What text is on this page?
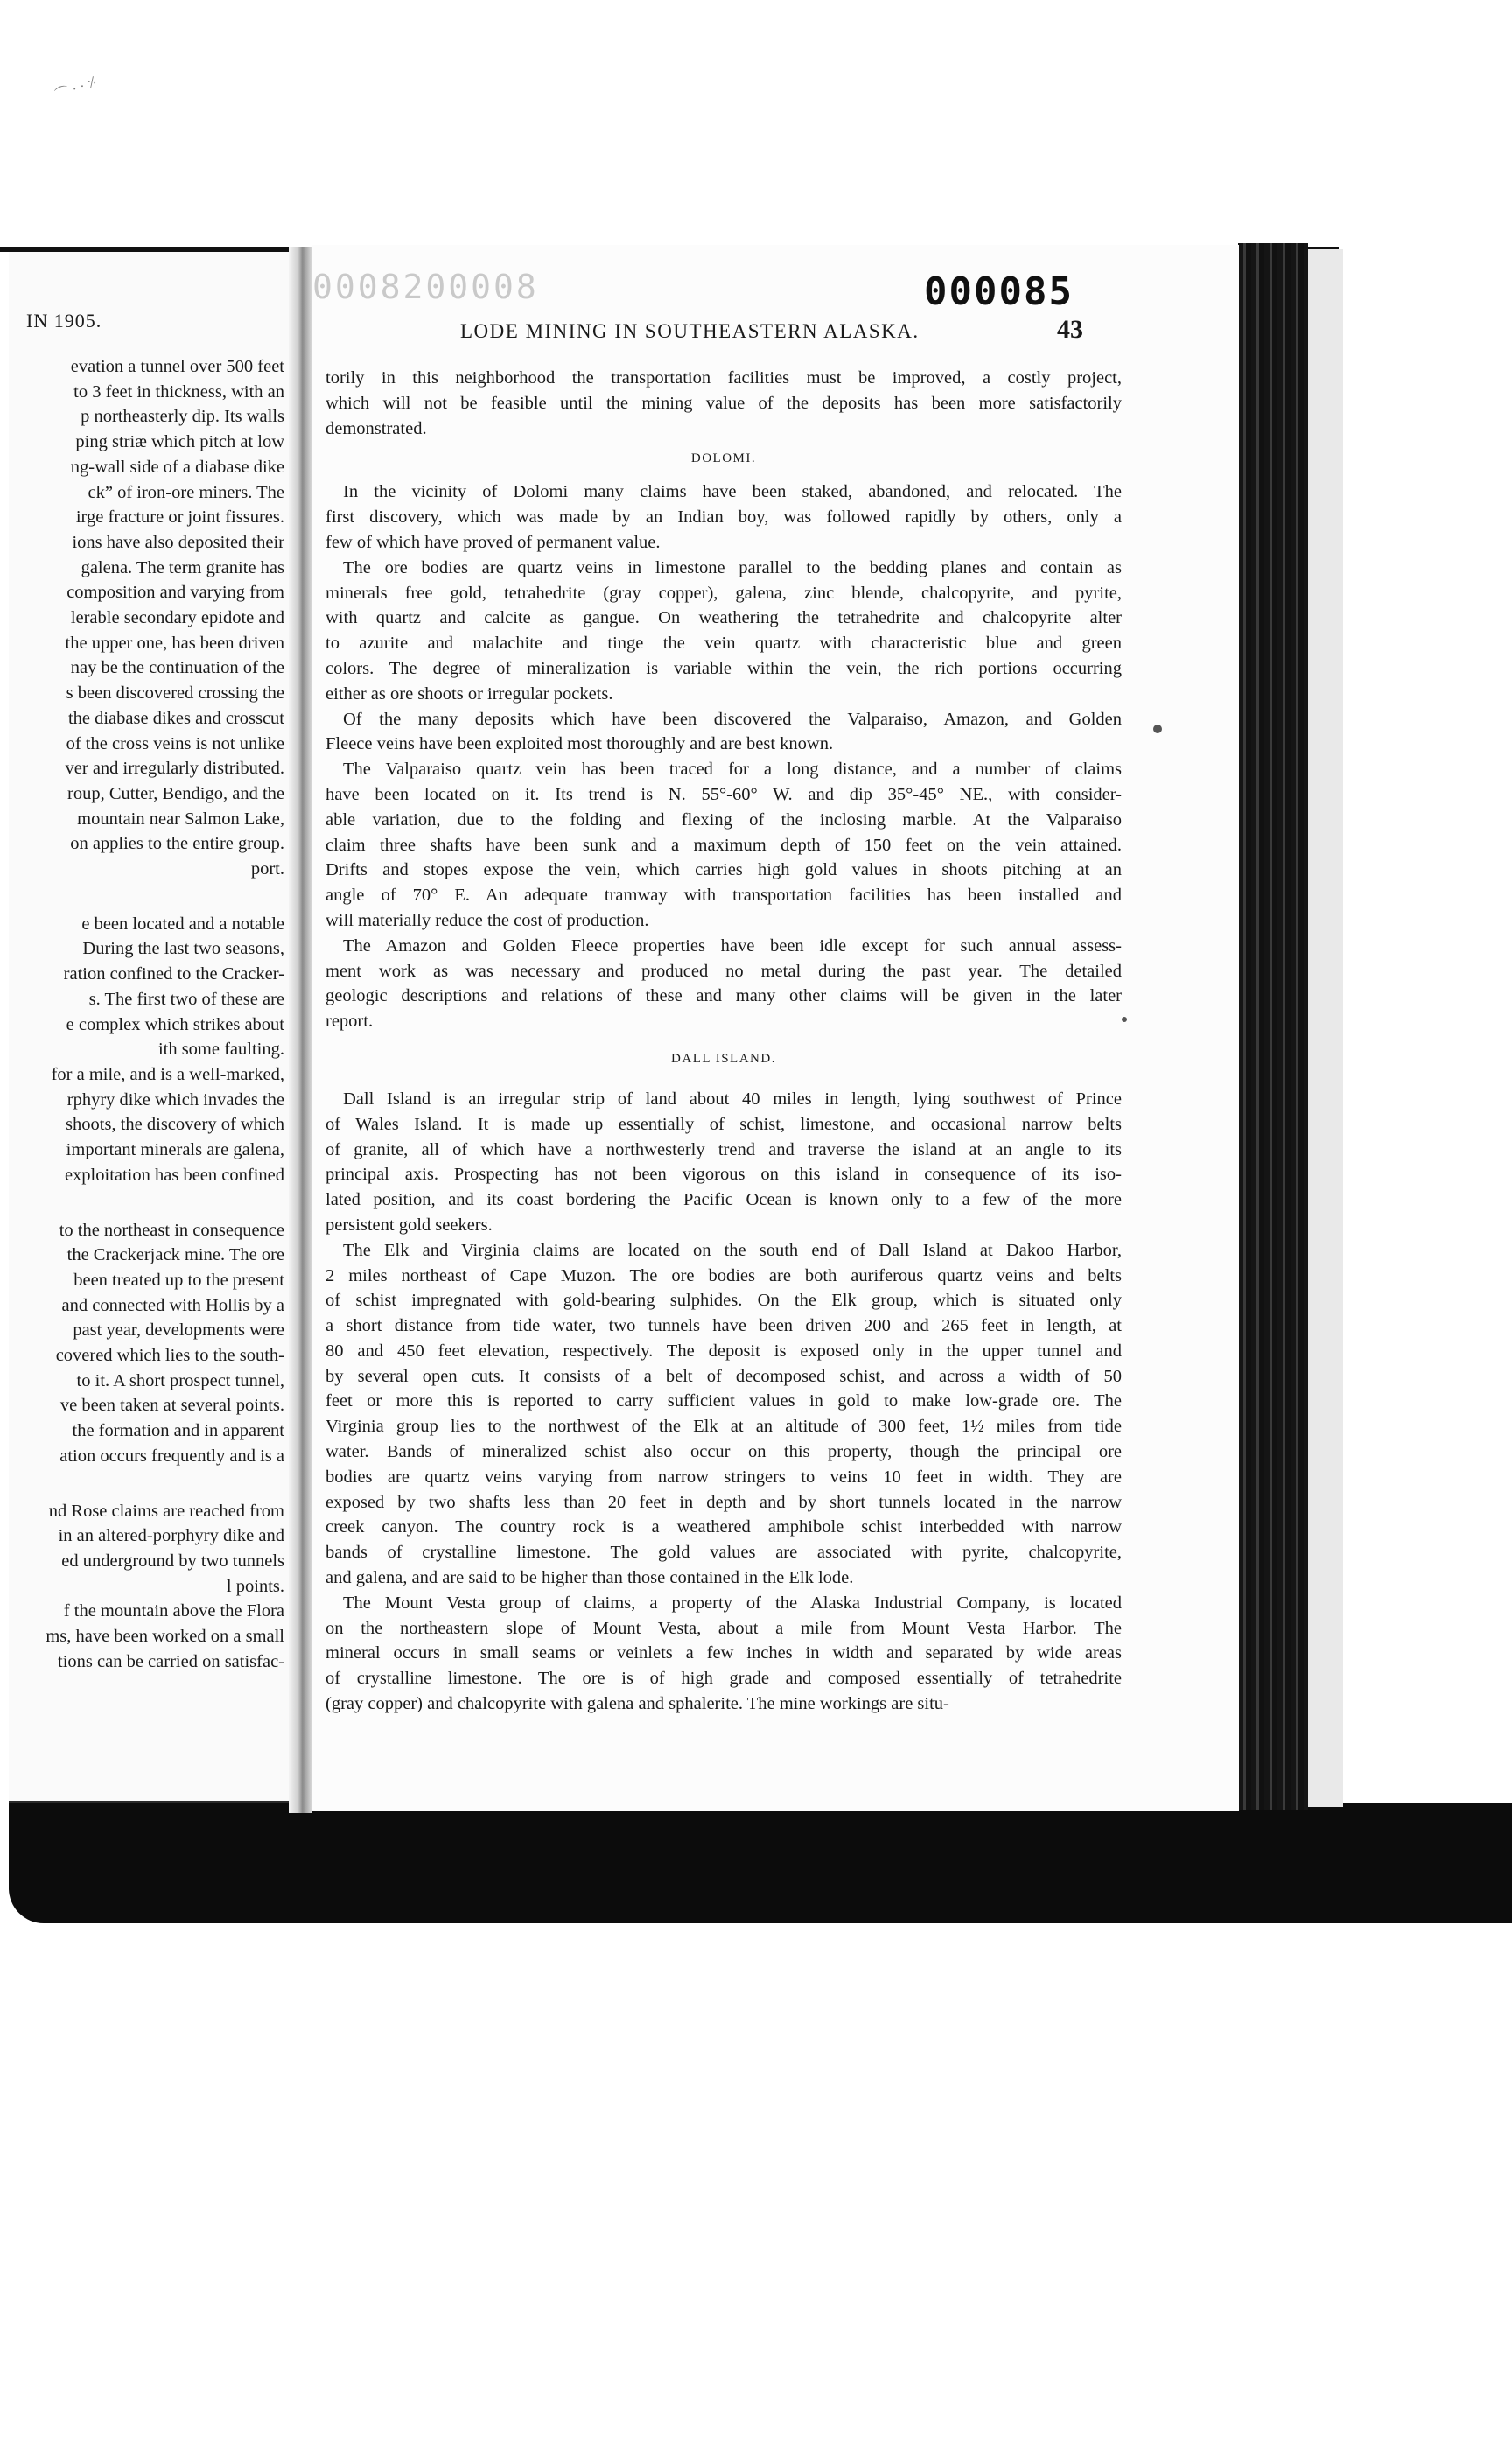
⌒ · · ⸓
IN 1905.
evation a tunnel over 500 feet
to 3 feet in thickness, with an
p northeasterly dip. Its walls
ping striæ which pitch at low
ng-wall side of a diabase dike
ck” of iron-ore miners. The
irge fracture or joint fissures.
ions have also deposited their
galena. The term granite has
composition and varying from
lerable secondary epidote and
the upper one, has been driven
nay be the continuation of the
s been discovered crossing the
the diabase dikes and crosscut
of the cross veins is not unlike
ver and irregularly distributed.
roup, Cutter, Bendigo, and the
mountain near Salmon Lake,
on applies to the entire group.
port.
e been located and a notable
During the last two seasons,
ration confined to the Cracker-
s. The first two of these are
e complex which strikes about
ith some faulting.
for a mile, and is a well-marked,
rphyry dike which invades the
shoots, the discovery of which
important minerals are galena,
exploitation has been confined
to the northeast in consequence
the Crackerjack mine. The ore
been treated up to the present
and connected with Hollis by a
past year, developments were
covered which lies to the south-
to it. A short prospect tunnel,
ve been taken at several points.
the formation and in apparent
ation occurs frequently and is a
nd Rose claims are reached from
in an altered-porphyry dike and
ed underground by two tunnels
l points.
f the mountain above the Flora
ms, have been worked on a small
tions can be carried on satisfac-
0008200008	000085
LODE MINING IN SOUTHEASTERN ALASKA.	43
torily in this neighborhood the transportation facilities must be improved, a costly project,
which will not be feasible until the mining value of the deposits has been more satisfactorily
demonstrated.
DOLOMI.
In the vicinity of Dolomi many claims have been staked, abandoned, and relocated. The
first discovery, which was made by an Indian boy, was followed rapidly by others, only a
few of which have proved of permanent value.
The ore bodies are quartz veins in limestone parallel to the bedding planes and contain as
minerals free gold, tetrahedrite (gray copper), galena, zinc blende, chalcopyrite, and pyrite,
with quartz and calcite as gangue. On weathering the tetrahedrite and chalcopyrite alter
to azurite and malachite and tinge the vein quartz with characteristic blue and green
colors. The degree of mineralization is variable within the vein, the rich portions occurring
either as ore shoots or irregular pockets.
Of the many deposits which have been discovered the Valparaiso, Amazon, and Golden
Fleece veins have been exploited most thoroughly and are best known.
The Valparaiso quartz vein has been traced for a long distance, and a number of claims
have been located on it. Its trend is N. 55°-60° W. and dip 35°-45° NE., with consider-
able variation, due to the folding and flexing of the inclosing marble. At the Valparaiso
claim three shafts have been sunk and a maximum depth of 150 feet on the vein attained.
Drifts and stopes expose the vein, which carries high gold values in shoots pitching at an
angle of 70° E. An adequate tramway with transportation facilities has been installed and
will materially reduce the cost of production.
The Amazon and Golden Fleece properties have been idle except for such annual assess-
ment work as was necessary and produced no metal during the past year. The detailed
geologic descriptions and relations of these and many other claims will be given in the later
report.
DALL ISLAND.
Dall Island is an irregular strip of land about 40 miles in length, lying southwest of Prince
of Wales Island. It is made up essentially of schist, limestone, and occasional narrow belts
of granite, all of which have a northwesterly trend and traverse the island at an angle to its
principal axis. Prospecting has not been vigorous on this island in consequence of its iso-
lated position, and its coast bordering the Pacific Ocean is known only to a few of the more
persistent gold seekers.
The Elk and Virginia claims are located on the south end of Dall Island at Dakoo Harbor,
2 miles northeast of Cape Muzon. The ore bodies are both auriferous quartz veins and belts
of schist impregnated with gold-bearing sulphides. On the Elk group, which is situated only
a short distance from tide water, two tunnels have been driven 200 and 265 feet in length, at
80 and 450 feet elevation, respectively. The deposit is exposed only in the upper tunnel and
by several open cuts. It consists of a belt of decomposed schist, and across a width of 50
feet or more this is reported to carry sufficient values in gold to make low-grade ore. The
Virginia group lies to the northwest of the Elk at an altitude of 300 feet, 1½ miles from tide
water. Bands of mineralized schist also occur on this property, though the principal ore
bodies are quartz veins varying from narrow stringers to veins 10 feet in width. They are
exposed by two shafts less than 20 feet in depth and by short tunnels located in the narrow
creek canyon. The country rock is a weathered amphibole schist interbedded with narrow
bands of crystalline limestone. The gold values are associated with pyrite, chalcopyrite,
and galena, and are said to be higher than those contained in the Elk lode.
The Mount Vesta group of claims, a property of the Alaska Industrial Company, is located
on the northeastern slope of Mount Vesta, about a mile from Mount Vesta Harbor. The
mineral occurs in small seams or veinlets a few inches in width and separated by wide areas
of crystalline limestone. The ore is of high grade and composed essentially of tetrahedrite
(gray copper) and chalcopyrite with galena and sphalerite. The mine workings are situ-
